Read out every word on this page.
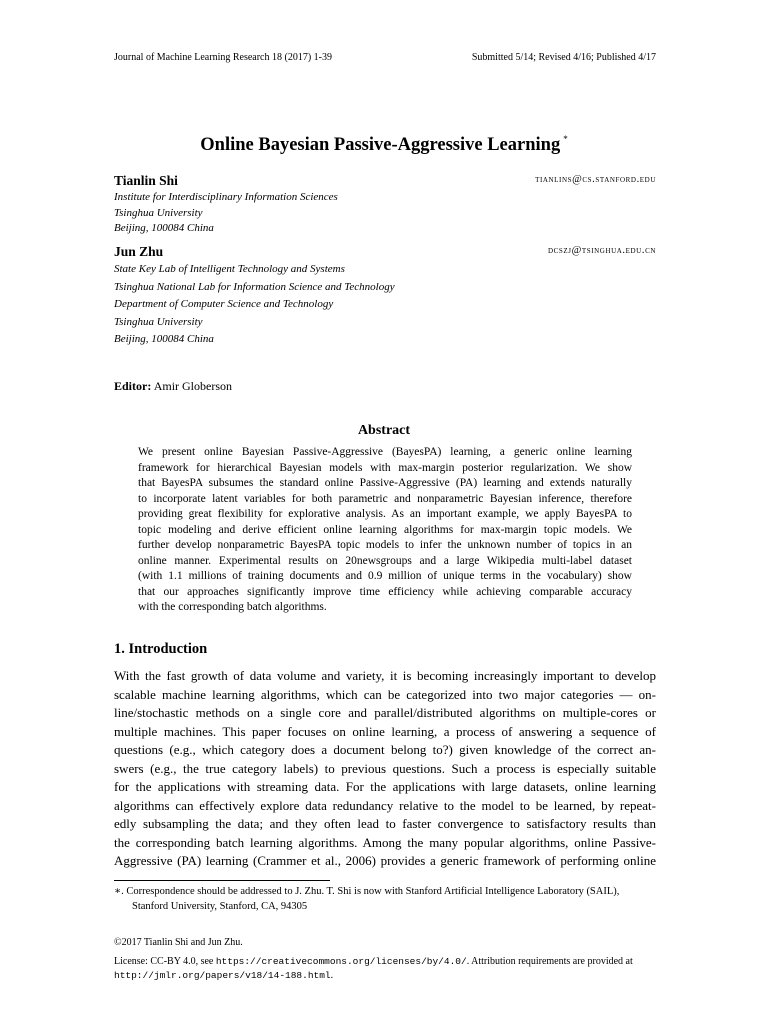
Journal of Machine Learning Research 18 (2017) 1-39	Submitted 5/14; Revised 4/16; Published 4/17
Online Bayesian Passive-Aggressive Learning *
Tianlin Shi	tianlins@cs.stanford.edu
Institute for Interdisciplinary Information Sciences
Tsinghua University
Beijing, 100084 China
Jun Zhu	dcszj@tsinghua.edu.cn
State Key Lab of Intelligent Technology and Systems
Tsinghua National Lab for Information Science and Technology
Department of Computer Science and Technology
Tsinghua University
Beijing, 100084 China
Editor: Amir Globerson
Abstract
We present online Bayesian Passive-Aggressive (BayesPA) learning, a generic online learning
framework for hierarchical Bayesian models with max-margin posterior regularization. We show
that BayesPA subsumes the standard online Passive-Aggressive (PA) learning and extends naturally
to incorporate latent variables for both parametric and nonparametric Bayesian inference, therefore
providing great flexibility for explorative analysis. As an important example, we apply BayesPA to
topic modeling and derive efficient online learning algorithms for max-margin topic models. We
further develop nonparametric BayesPA topic models to infer the unknown number of topics in an
online manner. Experimental results on 20newsgroups and a large Wikipedia multi-label dataset
(with 1.1 millions of training documents and 0.9 million of unique terms in the vocabulary) show
that our approaches significantly improve time efficiency while achieving comparable accuracy
with the corresponding batch algorithms.
1. Introduction
With the fast growth of data volume and variety, it is becoming increasingly important to develop
scalable machine learning algorithms, which can be categorized into two major categories — on-
line/stochastic methods on a single core and parallel/distributed algorithms on multiple-cores or
multiple machines. This paper focuses on online learning, a process of answering a sequence of
questions (e.g., which category does a document belong to?) given knowledge of the correct an-
swers (e.g., the true category labels) to previous questions. Such a process is especially suitable
for the applications with streaming data. For the applications with large datasets, online learning
algorithms can effectively explore data redundancy relative to the model to be learned, by repeat-
edly subsampling the data; and they often lead to faster convergence to satisfactory results than
the corresponding batch learning algorithms. Among the many popular algorithms, online Passive-
Aggressive (PA) learning (Crammer et al., 2006) provides a generic framework of performing online
∗. Correspondence should be addressed to J. Zhu. T. Shi is now with Stanford Artificial Intelligence Laboratory (SAIL),
Stanford University, Stanford, CA, 94305
©2017 Tianlin Shi and Jun Zhu.
License: CC-BY 4.0, see https://creativecommons.org/licenses/by/4.0/. Attribution requirements are provided at
http://jmlr.org/papers/v18/14-188.html.
